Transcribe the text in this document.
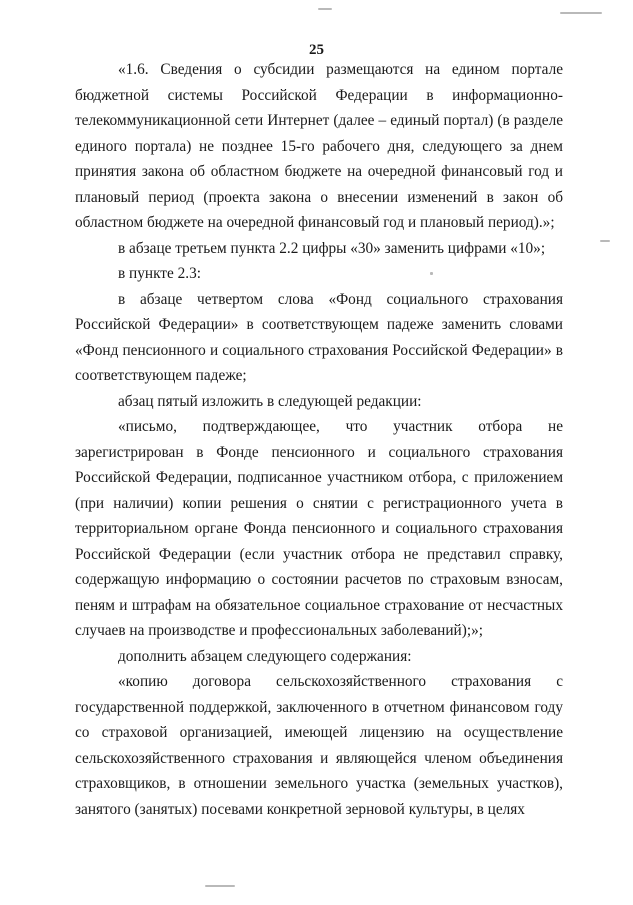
25

«1.6. Сведения о субсидии размещаются на едином портале бюджетной системы Российской Федерации в информационно-телекоммуникационной сети Интернет (далее – единый портал) (в разделе единого портала) не позднее 15-го рабочего дня, следующего за днем принятия закона об областном бюджете на очередной финансовый год и плановый период (проекта закона о внесении изменений в закон об областном бюджете на очередной финансовый год и плановый период).»;

в абзаце третьем пункта 2.2 цифры «30» заменить цифрами «10»;

в пункте 2.3:

в абзаце четвертом слова «Фонд социального страхования Российской Федерации» в соответствующем падеже заменить словами «Фонд пенсионного и социального страхования Российской Федерации» в соответствующем падеже;

абзац пятый изложить в следующей редакции:

«письмо, подтверждающее, что участник отбора не зарегистрирован в Фонде пенсионного и социального страхования Российской Федерации, подписанное участником отбора, с приложением (при наличии) копии решения о снятии с регистрационного учета в территориальном органе Фонда пенсионного и социального страхования Российской Федерации (если участник отбора не представил справку, содержащую информацию о состоянии расчетов по страховым взносам, пеням и штрафам на обязательное социальное страхование от несчастных случаев на производстве и профессиональных заболеваний);»;

дополнить абзацем следующего содержания:

«копию договора сельскохозяйственного страхования с государственной поддержкой, заключенного в отчетном финансовом году со страховой организацией, имеющей лицензию на осуществление сельскохозяйственного страхования и являющейся членом объединения страховщиков, в отношении земельного участка (земельных участков), занятого (занятых) посевами конкретной зерновой культуры, в целях
